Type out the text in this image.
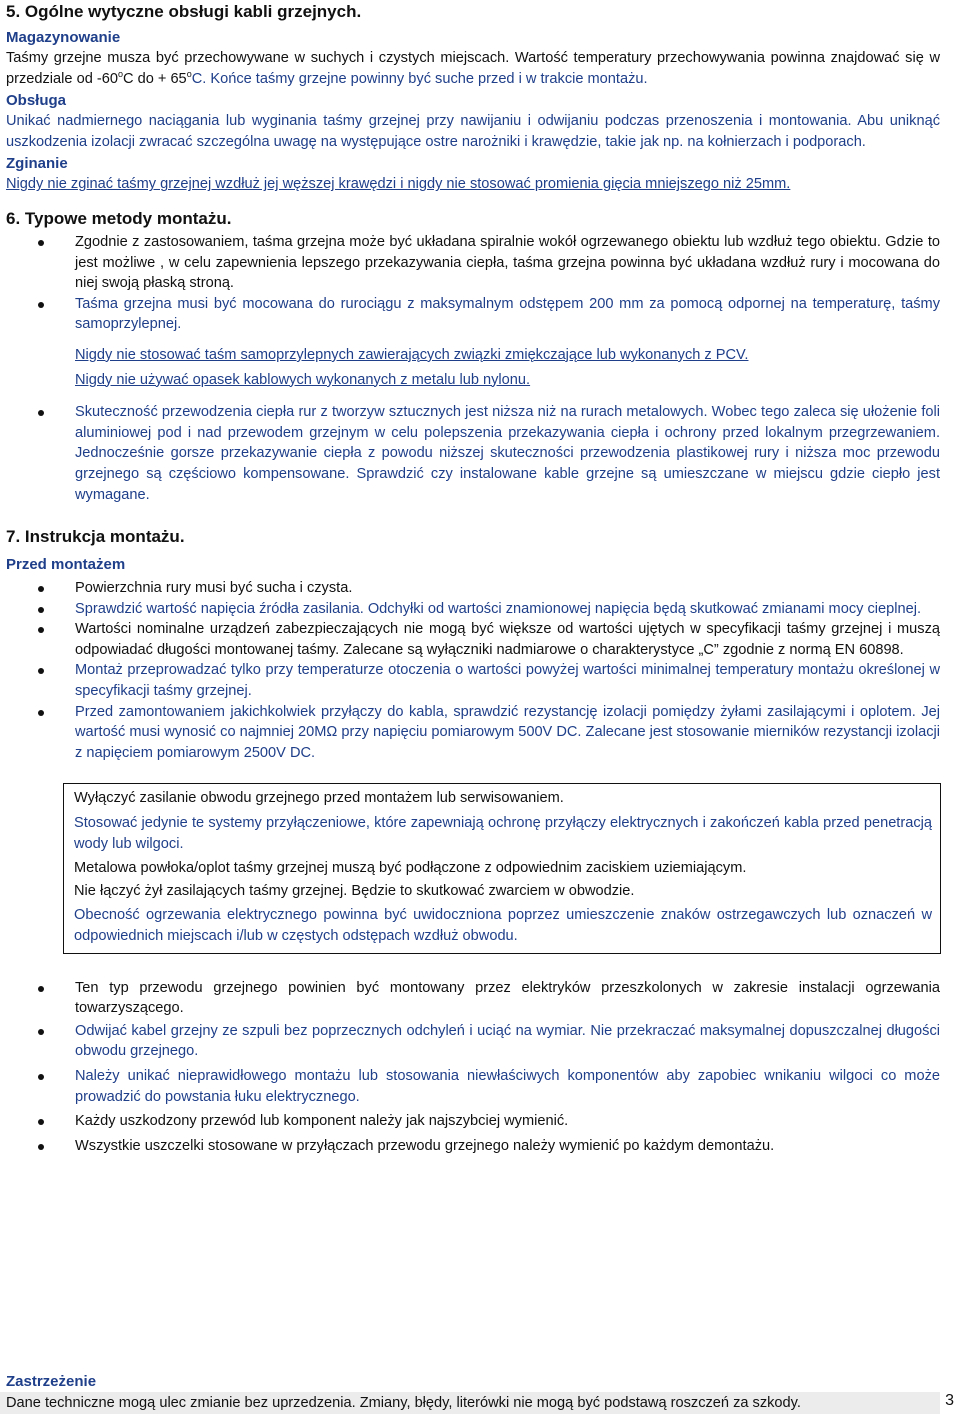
5. Ogólne wytyczne obsługi kabli grzejnych.
Magazynowanie

Taśmy grzejne musza być przechowywane w suchych i czystych miejscach. Wartość temperatury przechowywania powinna znajdować się w przedziale od -60$^o$C do + $65^oC$. Końce taśmy grzejne powinny być suche przed i w trakcie montażu.

Obsługa

Unikać nadmiernego naciągania lub wyginania taśmy grzejnej przy nawijaniu i odwijaniu podczas przenoszenia i montowania. Abu uniknąć uszkodzenia izolacji zwracać szczególna uwagę na występujące ostre narożniki i krawędzie, takie jak np. na kołnierzach i podporach.

Zginanie

Nigdy nie zginać taśmy grzejnej wzdłuż jej węższej krawędzi i nigdy nie stosować promienia gięcia mniejszego niż 25mm.

6. Typowe metody montażu.
Zgodnie z zastosowaniem, taśma grzejna może być układana spiralnie wokół ogrzewanego obiektu lub wzdłuż tego obiektu. Gdzie to jest możliwe , w celu zapewnienia lepszego przekazywania ciepła, taśma grzejna powinna być układana wzdłuż rury i mocowana do niej swoją płaską stroną.
Taśma grzejna musi być mocowana do rurociągu z maksymalnym odstępem 200 mm za pomocą odpornej na temperaturę, taśmy samoprzylepnej.

Nigdy nie stosować taśm samoprzylepnych zawierających związki zmiękczające lub wykonanych z PCV.

Nigdy nie używać opasek kablowych wykonanych z metalu lub nylonu.

Skuteczność przewodzenia ciepła rur z tworzyw sztucznych jest niższa niż na rurach metalowych. Wobec tego zaleca się ułożenie foli aluminiowej pod i nad przewodem grzejnym w celu polepszenia przekazywania ciepła i ochrony przed lokalnym przegrzewaniem. Jednocześnie gorsze przekazywanie ciepła z powodu niższej skuteczności przewodzenia plastikowej rury i niższa moc przewodu grzejnego są częściowo kompensowane. Sprawdzić czy instalowane kable grzejne są umieszczane w miejscu gdzie ciepło jest wymagane.
7. Instrukcja montażu.
Przed montażem
Powierzchnia rury musi być sucha i czysta.
Sprawdzić wartość napięcia źródła zasilania. Odchyłki od wartości znamionowej napięcia będą skutkować zmianami mocy cieplnej.
Wartości nominalne urządzeń zabezpieczających nie mogą być większe od wartości ujętych w specyfikacji taśmy grzejnej i muszą odpowiadać długości montowanej taśmy. Zalecane są wyłączniki nadmiarowe o charakterystyce „C” zgodnie z normą EN 60898.
Montaż przeprowadzać tylko przy temperaturze otoczenia o wartości powyżej wartości minimalnej temperatury montażu określonej w specyfikacji taśmy grzejnej.
Przed zamontowaniem jakichkolwiek przyłączy do kabla, sprawdzić rezystancję izolacji pomiędzy żyłami zasilającymi i oplotem. Jej wartość musi wynosić co najmniej 20MΩ przy napięciu pomiarowym 500V DC. Zalecane jest stosowanie mierników rezystancji izolacji z napięciem pomiarowym 2500V DC.

Wyłączyć zasilanie obwodu grzejnego przed montażem lub serwisowaniem.

Stosować jedynie te systemy przyłączeniowe, które zapewniają ochronę przyłączy elektrycznych i zakończeń kabla przed penetracją wody lub wilgoci.

Metalowa powłoka/oplot taśmy grzejnej muszą być podłączone z odpowiednim zaciskiem uziemiającym.

Nie łączyć żył zasilających taśmy grzejnej. Będzie to skutkować zwarciem w obwodzie.

Obecność ogrzewania elektrycznego powinna być uwidoczniona poprzez umieszczenie znaków ostrzegawczych lub oznaczeń w odpowiednich miejscach i/lub w częstych odstępach wzdłuż obwodu.

Ten typ przewodu grzejnego powinien być montowany przez elektryków przeszkolonych w zakresie instalacji ogrzewania towarzyszącego.
Odwijać kabel grzejny ze szpuli bez poprzecznych odchyleń i uciąć na wymiar. Nie przekraczać maksymalnej dopuszczalnej długości obwodu grzejnego.
Należy unikać nieprawidłowego montażu lub stosowania niewłaściwych komponentów aby zapobiec wnikaniu wilgoci co może prowadzić do powstania łuku elektrycznego.
Każdy uszkodzony przewód lub komponent należy jak najszybciej wymienić.
Wszystkie uszczelki stosowane w przyłączach przewodu grzejnego należy wymienić po każdym demontażu.
Zastrzeżenie
Dane techniczne mogą ulec zmianie bez uprzedzenia. Zmiany, błędy, literówki nie mogą być podstawą roszczeń za szkody.	3
